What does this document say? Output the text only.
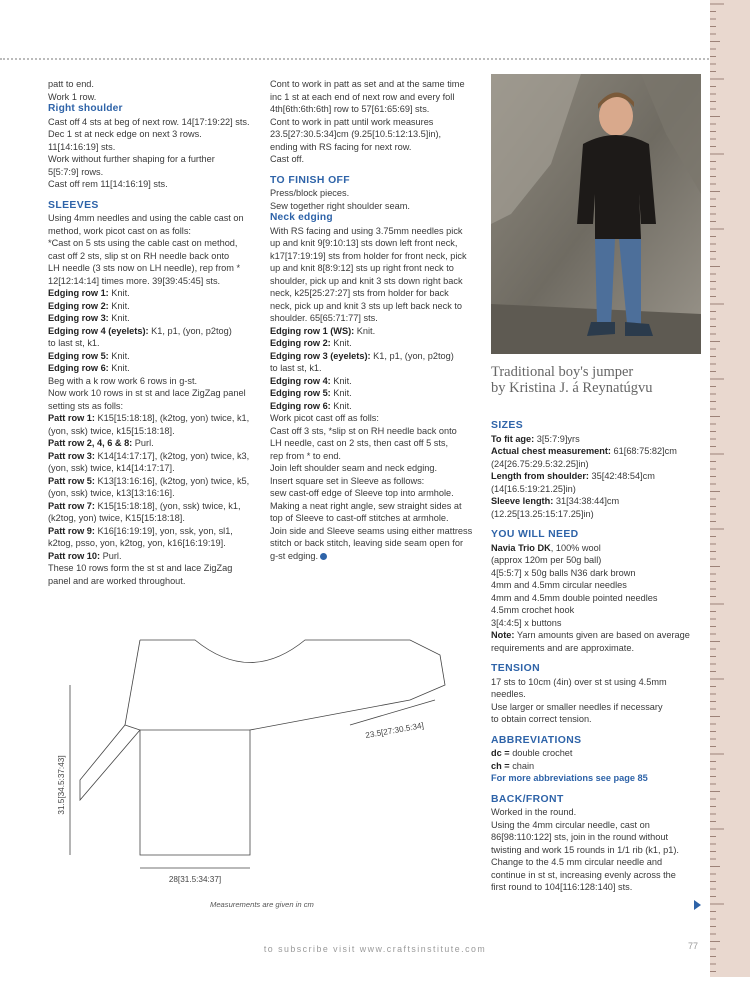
patt to end.

Work 1 row.

Right shoulder

Cast off 4 sts at beg of next row. 14[17:19:22] sts.

Dec 1 st at neck edge on next 3 rows.

11[14:16:19] sts.

Work without further shaping for a further

5[5:7:9] rows.

Cast off rem 11[14:16:19] sts.

SLEEVES

Using 4mm needles and using the cable cast on

method, work picot cast on as folls:

*Cast on 5 sts using the cable cast on method,

cast off 2 sts, slip st on RH needle back onto

LH needle (3 sts now on LH needle), rep from *

12[12:14:14] times more. 39[39:45:45] sts.

Edging row 1: Knit.

Edging row 2: Knit.

Edging row 3: Knit.

Edging row 4 (eyelets): K1, p1, (yon, p2tog)

to last st, k1.

Edging row 5: Knit.

Edging row 6: Knit.

Beg with a k row work 6 rows in g-st.

Now work 10 rows in st st and lace ZigZag panel

setting sts as folls:

Patt row 1: K15[15:18:18], (k2tog, yon) twice, k1,

(yon, ssk) twice, k15[15:18:18].

Patt row 2, 4, 6 & 8: Purl.

Patt row 3: K14[14:17:17], (k2tog, yon) twice, k3,

(yon, ssk) twice, k14[14:17:17].

Patt row 5: K13[13:16:16], (k2tog, yon) twice, k5,

(yon, ssk) twice, k13[13:16:16].

Patt row 7: K15[15:18:18], (yon, ssk) twice, k1,

(k2tog, yon) twice, K15[15:18:18].

Patt row 9: K16[16:19:19], yon, ssk, yon, sl1,

k2tog, psso, yon, k2tog, yon, k16[16:19:19].

Patt row 10: Purl.

These 10 rows form the st st and lace ZigZag

panel and are worked throughout.

Cont to work in patt as set and at the same time

inc 1 st at each end of next row and every foll

4th[6th:6th:6th] row to 57[61:65:69] sts.

Cont to work in patt until work measures

23.5[27:30.5:34]cm (9.25[10.5:12:13.5]in),

ending with RS facing for next row.

Cast off.

TO FINISH OFF

Press/block pieces.

Sew together right shoulder seam.

Neck edging

With RS facing and using 3.75mm needles pick

up and knit 9[9:10:13] sts down left front neck,

k17[17:19:19] sts from holder for front neck, pick

up and knit 8[8:9:12] sts up right front neck to

shoulder, pick up and knit 3 sts down right back

neck, k25[25:27:27] sts from holder for back

neck, pick up and knit 3 sts up left back neck to

shoulder. 65[65:71:77] sts.

Edging row 1 (WS): Knit.

Edging row 2: Knit.

Edging row 3 (eyelets): K1, p1, (yon, p2tog)

to last st, k1.

Edging row 4: Knit.

Edging row 5: Knit.

Edging row 6: Knit.

Work picot cast off as folls:

Cast off 3 sts, *slip st on RH needle back onto

LH needle, cast on 2 sts, then cast off 5 sts,

rep from * to end.

Join left shoulder seam and neck edging.

Insert square set in Sleeve as follows:

sew cast-off edge of Sleeve top into armhole.

Making a neat right angle, sew straight sides at

top of Sleeve to cast-off stitches at armhole.

Join side and Sleeve seams using either mattress

stitch or back stitch, leaving side seam open for

g-st edging.

Traditional boy's jumper
by Kristina J. á Reynatúgvu

SIZES

To fit age: 3[5:7:9]yrs

Actual chest measurement: 61[68:75:82]cm

(24[26.75:29.5:32.25]in)

Length from shoulder: 35[42:48:54]cm

(14[16.5:19:21.25]in)

Sleeve length: 31[34:38:44]cm

(12.25[13.25:15:17.25]in)

YOU WILL NEED

Navia Trio DK, 100% wool

(approx 120m per 50g ball)

4[5:5:7] x 50g balls N36 dark brown

4mm and 4.5mm circular needles

4mm and 4.5mm double pointed needles

4.5mm crochet hook

3[4:4:5] x buttons

Note: Yarn amounts given are based on average

requirements and are approximate.

TENSION

17 sts to 10cm (4in) over st st using 4.5mm

needles.

Use larger or smaller needles if necessary

to obtain correct tension.

ABBREVIATIONS

dc = double crochet

ch = chain

For more abbreviations see page 85

BACK/FRONT

Worked in the round.

Using the 4mm circular needle, cast on

86[98:110:122] sts, join in the round without

twisting and work 15 rounds in 1/1 rib (k1, p1).

Change to the 4.5 mm circular needle and

continue in st st, increasing evenly across the

first round to 104[116:128:140] sts.

31.5[34.5:37:43]
28[31.5:34:37]
23.5[27:30.5:34]
Measurements are given in cm
to subscribe visit www.craftsinstitute.com	77
